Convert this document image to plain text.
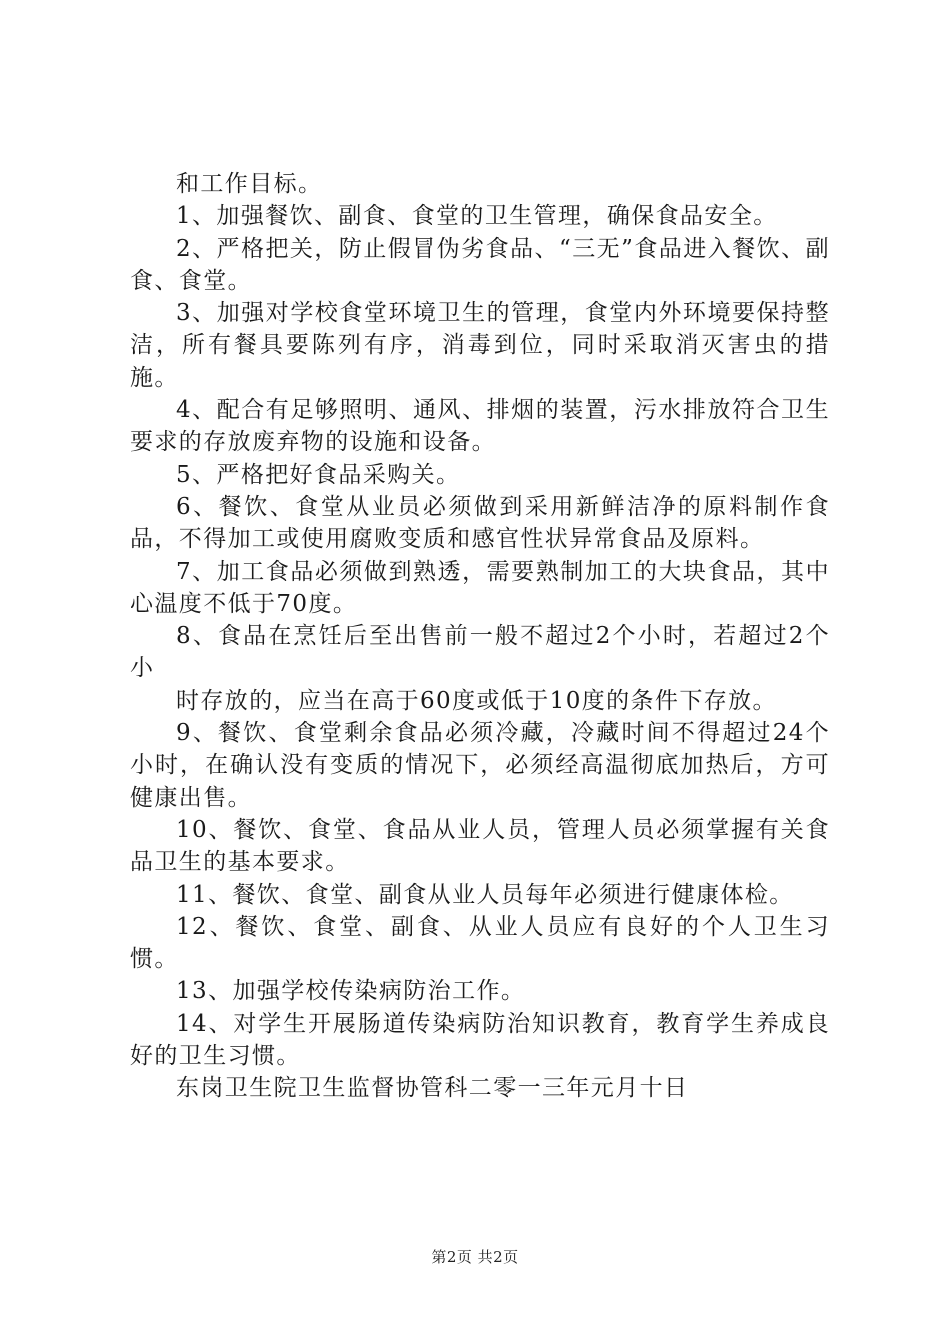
和工作目标。

1、加强餐饮、副食、食堂的卫生管理，确保食品安全。

2、严格把关，防止假冒伪劣食品、“三无”食品进入餐饮、副食、食堂。

3、加强对学校食堂环境卫生的管理，食堂内外环境要保持整洁，所有餐具要陈列有序，消毒到位，同时采取消灭害虫的措施。

4、配合有足够照明、通风、排烟的装置，污水排放符合卫生要求的存放废弃物的设施和设备。

5、严格把好食品采购关。

6、餐饮、食堂从业员必须做到采用新鲜洁净的原料制作食品，不得加工或使用腐败变质和感官性状异常食品及原料。

7、加工食品必须做到熟透，需要熟制加工的大块食品，其中心温度不低于70度。

8、食品在烹饪后至出售前一般不超过2个小时，若超过2个小

时存放的，应当在高于60度或低于10度的条件下存放。

9、餐饮、食堂剩余食品必须冷藏，冷藏时间不得超过24个小时，在确认没有变质的情况下，必须经高温彻底加热后，方可健康出售。

10、餐饮、食堂、食品从业人员，管理人员必须掌握有关食品卫生的基本要求。

11、餐饮、食堂、副食从业人员每年必须进行健康体检。

12、餐饮、食堂、副食、从业人员应有良好的个人卫生习惯。

13、加强学校传染病防治工作。

14、对学生开展肠道传染病防治知识教育，教育学生养成良好的卫生习惯。

东岗卫生院卫生监督协管科二零一三年元月十日

第2页 共2页
